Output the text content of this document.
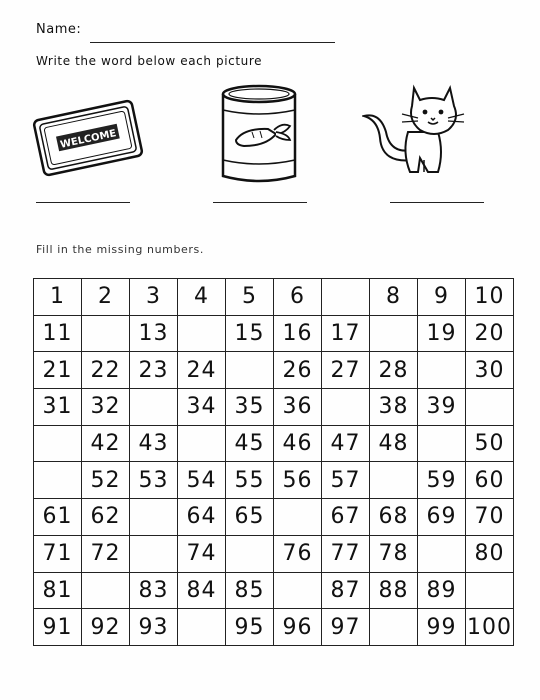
Name:
Write the word below each picture
WELCOME
Fill in the missing numbers.
1	2	3	4	5	6		8	9	10
11		13		15	16	17		19	20
21	22	23	24		26	27	28		30
31	32		34	35	36		38	39	
	42	43		45	46	47	48		50
	52	53	54	55	56	57		59	60
61	62		64	65		67	68	69	70
71	72		74		76	77	78		80
81		83	84	85		87	88	89	
91	92	93		95	96	97		99	100
